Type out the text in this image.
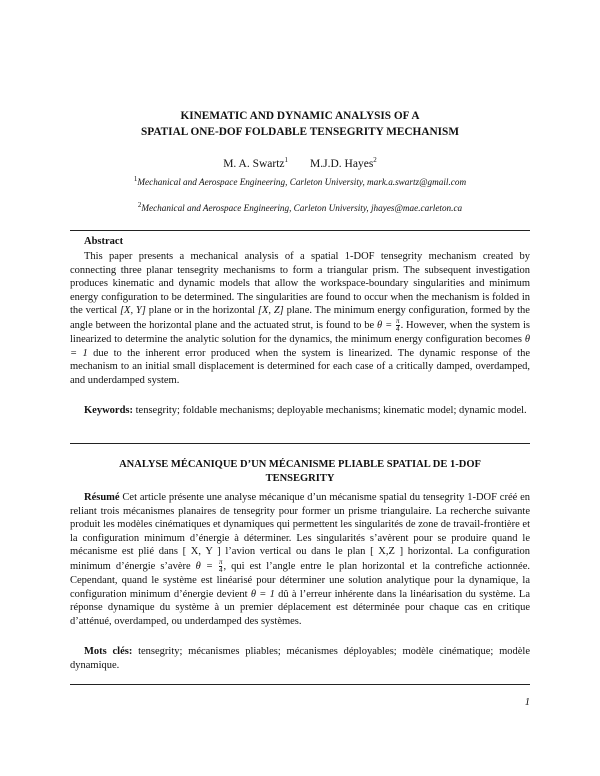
KINEMATIC AND DYNAMIC ANALYSIS OF A
SPATIAL ONE-DOF FOLDABLE TENSEGRITY MECHANISM
M. A. Swartz$^1$ M.J.D. Hayes$^2$
$^1$Mechanical and Aerospace Engineering, Carleton University, mark.a.swartz@gmail.com
$^2$Mechanical and Aerospace Engineering, Carleton University, jhayes@mae.carleton.ca
Abstract
This paper presents a mechanical analysis of a spatial 1-DOF tensegrity mechanism created by connecting three planar tensegrity mechanisms to form a triangular prism. The subsequent investigation produces kinematic and dynamic models that allow the workspace-boundary singularities and minimum energy configuration to be determined. The singularities are found to occur when the mechanism is folded in the vertical [X, Y] plane or in the horizontal [X, Z] plane. The minimum energy configuration, formed by the angle between the horizontal plane and the actuated strut, is found to be $\theta = \frac{\pi}{4}$ . However, when the system is linearized to determine the analytic solution for the dynamics, the minimum energy configuration becomes θ = 1 due to the inherent error produced when the system is linearized. The dynamic response of the mechanism to an initial small displacement is determined for each case of a critically damped, overdamped, and underdamped system.
Keywords: tensegrity; foldable mechanisms; deployable mechanisms; kinematic model; dynamic model.
ANALYSE MÉCANIQUE D’UN MÉCANISME PLIABLE SPATIAL DE 1-DOF
TENSEGRITY
Résumé Cet article présente une analyse mécanique d’un mécanisme spatial du tensegrity 1-DOF créé en reliant trois mécanismes planaires de tensegrity pour former un prisme triangulaire. La recherche suivante produit les modèles cinématiques et dynamiques qui permettent les singularités de zone de travail-frontière et la configuration minimum d’énergie à déterminer. Les singularités s’avèrent pour se produire quand le mécanisme est plié dans [ X, Y ] l’avion vertical ou dans le plan [ X,Z ] horizontal. La configuration minimum d’énergie s’avère $\theta = \frac{\pi}{4}$ , qui est l’angle entre le plan horizontal et la contrefiche actionnée. Cependant, quand le système est linéarisé pour déterminer une solution analytique pour la dynamique, la configuration minimum d’énergie devient θ = 1 dû à l’erreur inhérente dans la linéarisation du système. La réponse dynamique du système à un premier déplacement est déterminée pour chaque cas en critique d’atténué, overdamped, ou underdamped des systèmes.
Mots clés: tensegrity; mécanismes pliables; mécanismes déployables; modèle cinématique; modèle dynamique.
1
